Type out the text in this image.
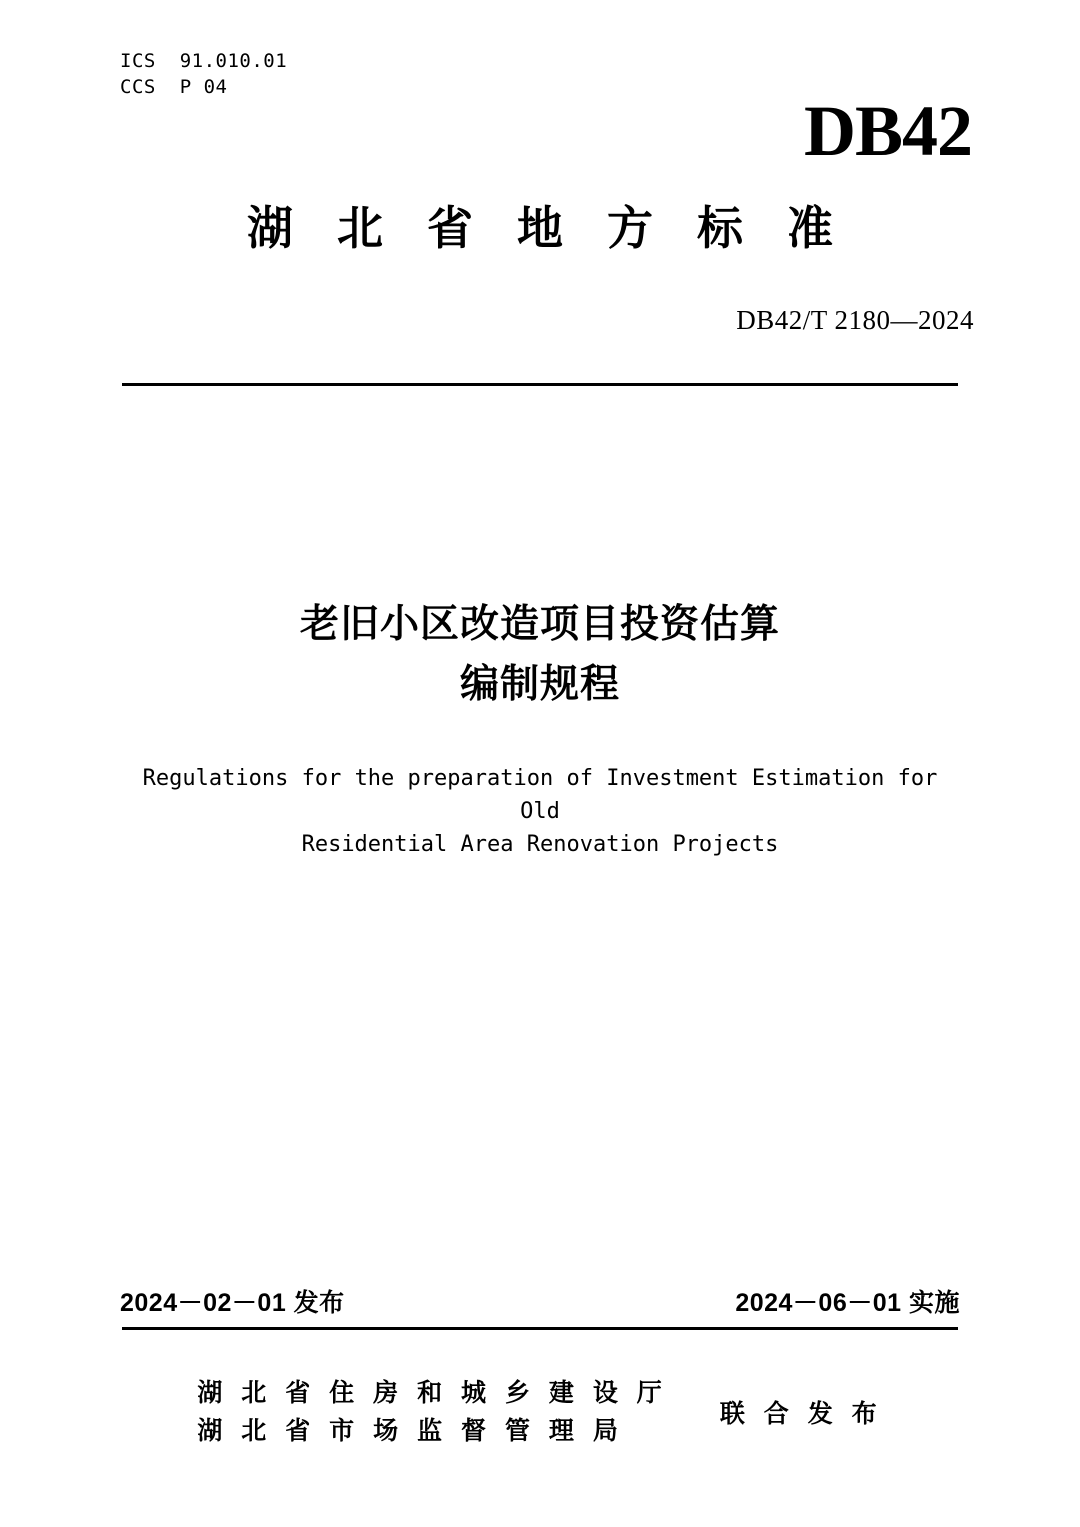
ICS  91.010.01
CCS  P 04
DB42
湖 北 省 地 方 标 准
DB42/T 2180—2024
老旧小区改造项目投资估算
编制规程
Regulations for the preparation of Investment Estimation for Old
Residential Area Renovation Projects
2024－02－01 发布	2024－06－01 实施
湖 北 省 住 房 和 城 乡 建 设 厅
湖 北 省 市 场 监 督 管 理 局
联 合 发 布
